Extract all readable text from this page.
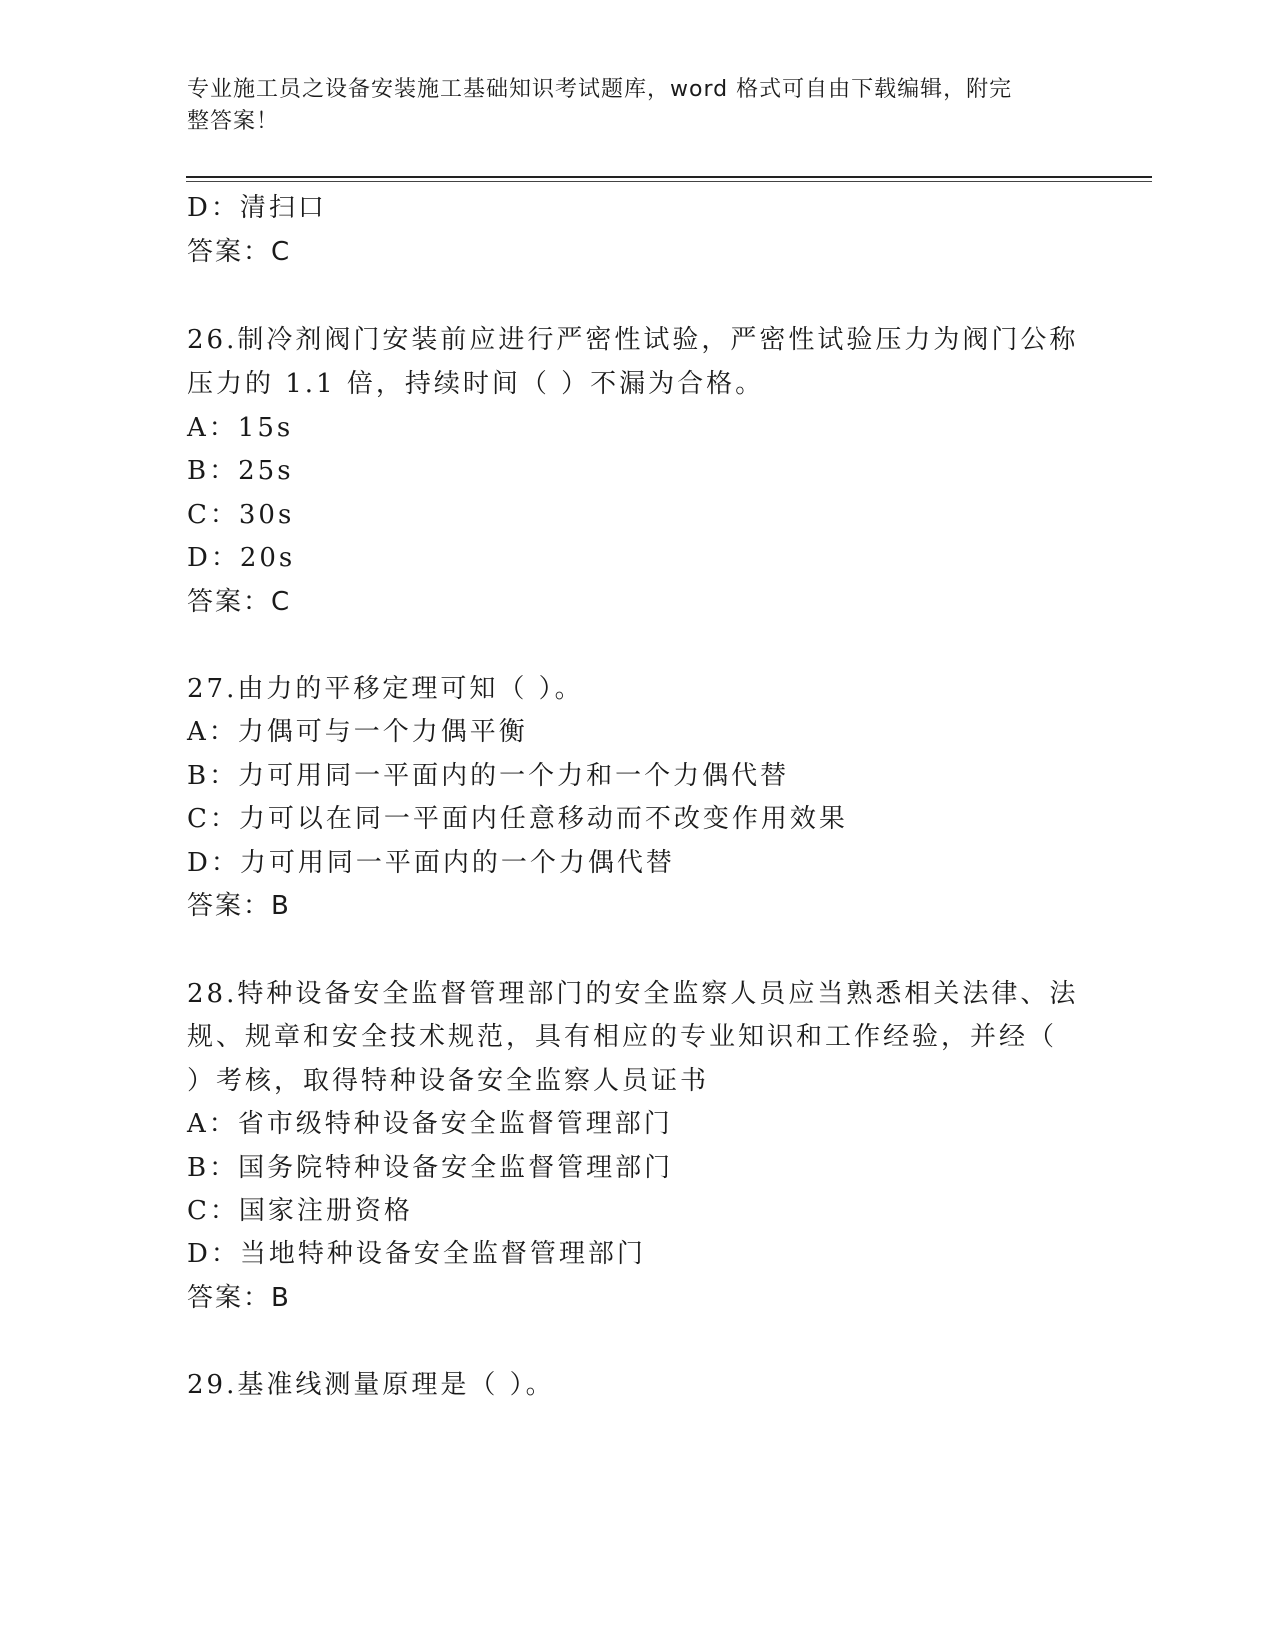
专业施工员之设备安装施工基础知识考试题库，word 格式可自由下载编辑，附完
整答案！
D：清扫口
答案：C
26.制冷剂阀门安装前应进行严密性试验，严密性试验压力为阀门公称
压力的 1.1 倍，持续时间（ ）不漏为合格。
A：15s
B：25s
C：30s
D：20s
答案：C
27.由力的平移定理可知（ ）。
A：力偶可与一个力偶平衡
B：力可用同一平面内的一个力和一个力偶代替
C：力可以在同一平面内任意移动而不改变作用效果
D：力可用同一平面内的一个力偶代替
答案：B
28.特种设备安全监督管理部门的安全监察人员应当熟悉相关法律、法
规、规章和安全技术规范，具有相应的专业知识和工作经验，并经（
）考核，取得特种设备安全监察人员证书
A：省市级特种设备安全监督管理部门
B：国务院特种设备安全监督管理部门
C：国家注册资格
D：当地特种设备安全监督管理部门
答案：B
29.基准线测量原理是（ ）。
